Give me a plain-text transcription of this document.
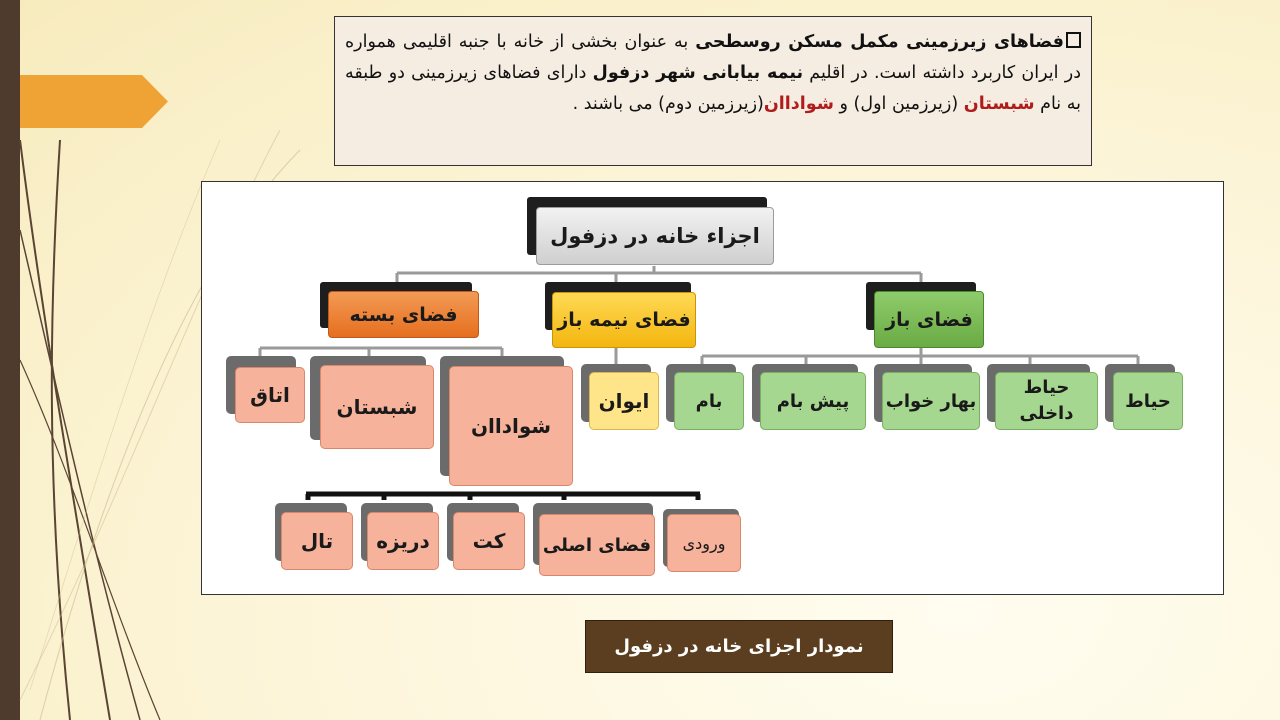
فضاهای زیرزمینی مکمل مسکن روسطحی به عنوان بخشی از خانه با جنبه اقلیمی همواره در ایران کاربرد داشته است. در اقلیم نیمه بیابانی شهر دزفول دارای فضاهای زیرزمینی دو طبقه به نام شبستان (زیرزمین اول) و شواداان(زیرزمین دوم) می باشند .
اجزاء خانه در دزفول
فضای بسته	فضای نیمه باز	فضای باز
اتاق شبستان
شواداان
ایوان	بام	پیش بام بهار خواب
حیاط داخلی
حیاط
تال دریزه کت فضای اصلی ورودی
نمودار اجزای خانه در دزفول
